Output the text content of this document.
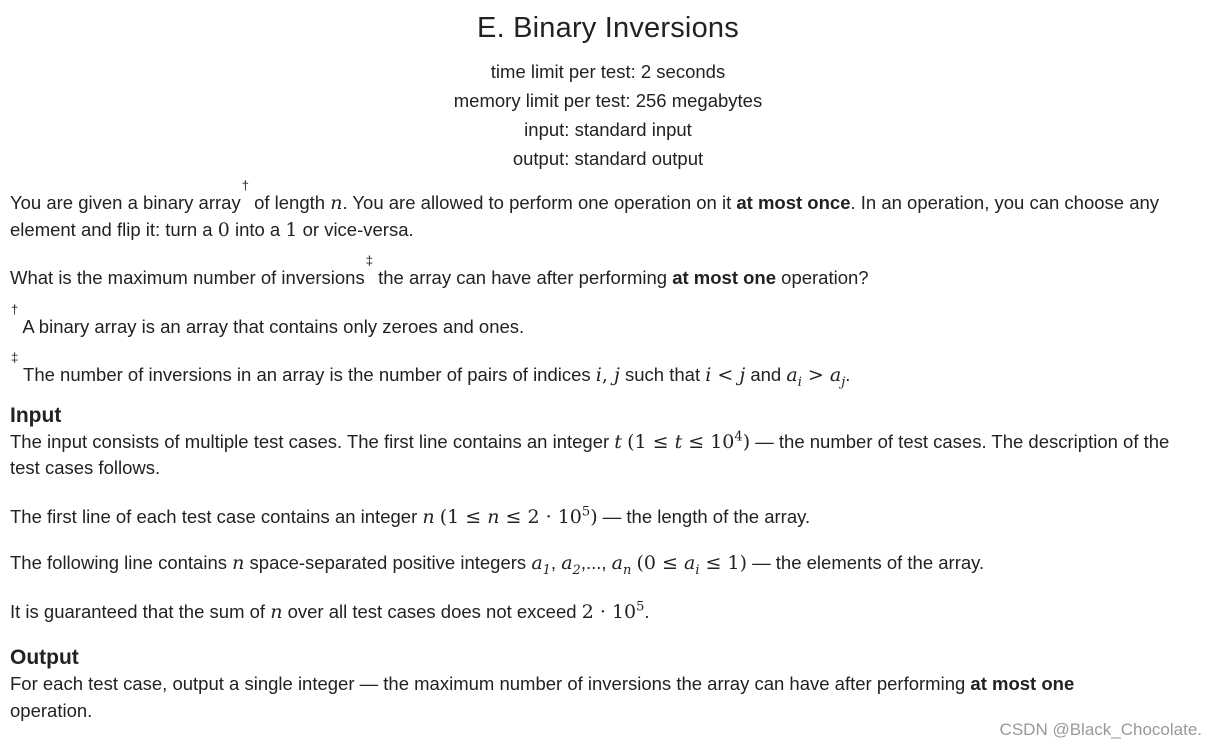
E. Binary Inversions
time limit per test: 2 seconds
memory limit per test: 256 megabytes
input: standard input
output: standard output

You are given a binary array† of length n. You are allowed to perform one operation on it at most once. In an operation, you can choose any element and flip it: turn a 0 into a 1 or vice-versa.

What is the maximum number of inversions‡ the array can have after performing at most one operation?

† A binary array is an array that contains only zeroes and ones.

‡ The number of inversions in an array is the number of pairs of indices i, j such that i < j and $a_i > a_j$.

Input

The input consists of multiple test cases. The first line contains an integer t $(1 \le t \le 10^4)$ — the number of test cases. The description of the test cases follows.

The first line of each test case contains an integer n $(1 \le n \le 2 \cdot 10^5)$ — the length of the array.

The following line contains n space-separated positive integers $a_1$, $a_2$,..., $a_n$ $(0 \le a_i \le 1)$ — the elements of the array.

It is guaranteed that the sum of n over all test cases does not exceed $2 \cdot 10^5$.

Output

For each test case, output a single integer — the maximum number of inversions the array can have after performing at most one
operation.

CSDN @Black_Chocolate.
